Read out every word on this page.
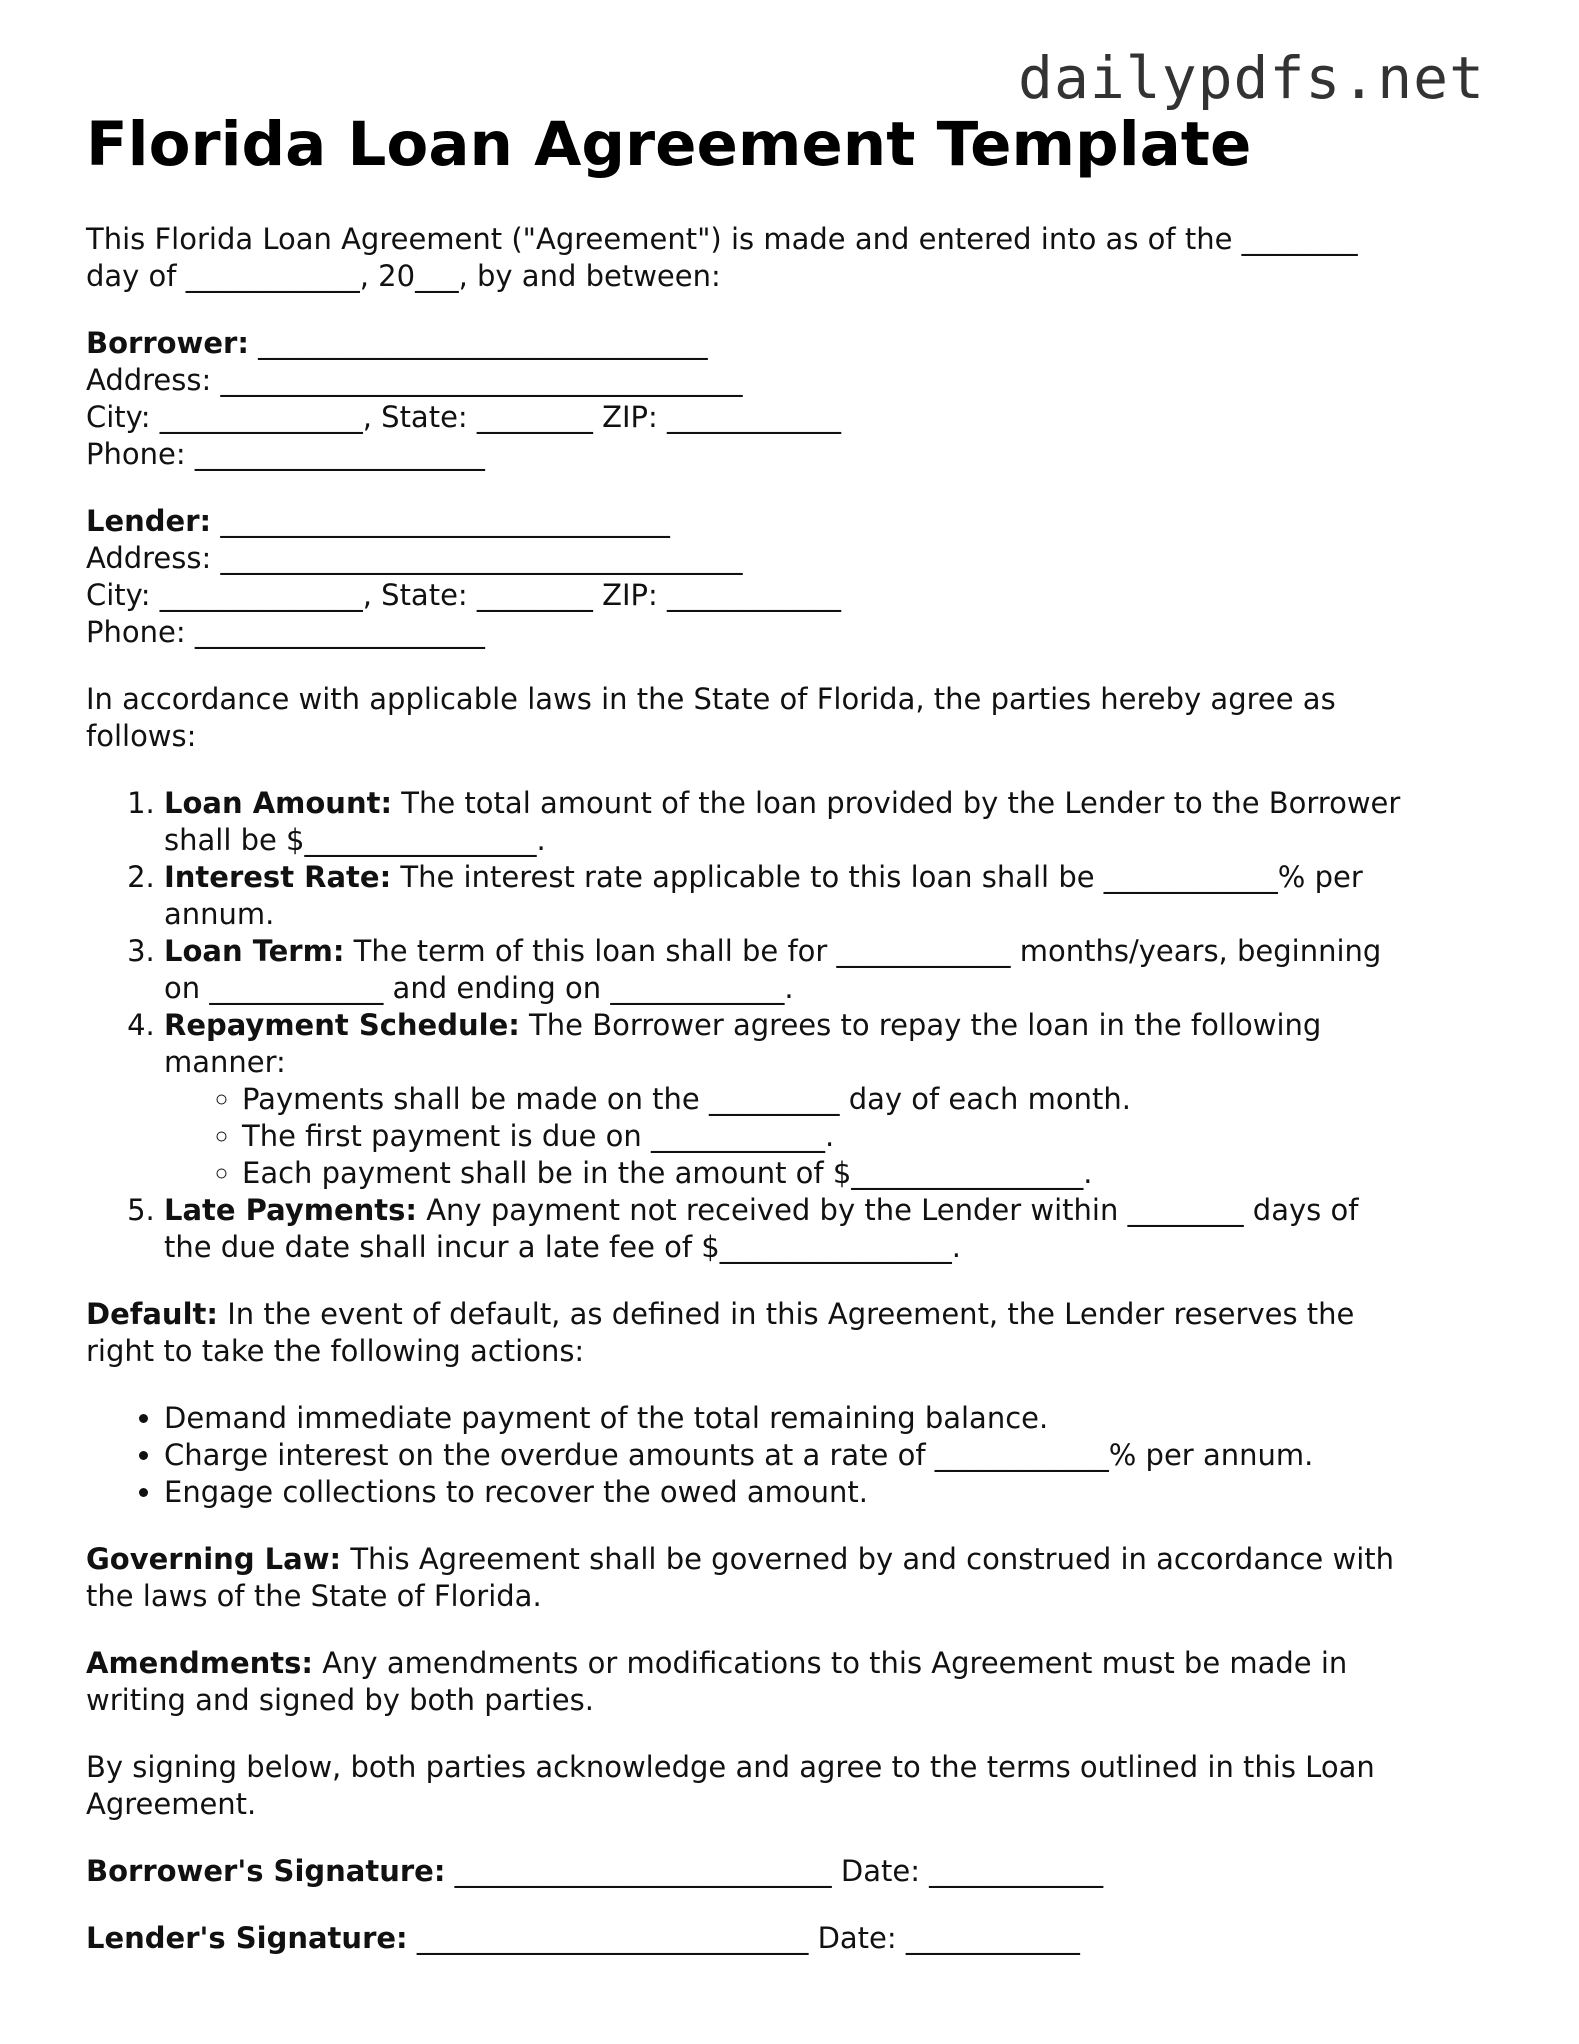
dailypdfs.net
Florida Loan Agreement Template

This Florida Loan Agreement ("Agreement") is made and entered into as of the ________
day of ____________, 20___, by and between:

Borrower: _______________________________
Address: ____________________________________
City: ______________, State: ________ ZIP: ____________
Phone: ____________________

Lender: _______________________________
Address: ____________________________________
City: ______________, State: ________ ZIP: ____________
Phone: ____________________

In accordance with applicable laws in the State of Florida, the parties hereby agree as
follows:

1. Loan Amount: The total amount of the loan provided by the Lender to the Borrower
shall be $________________.
2. Interest Rate: The interest rate applicable to this loan shall be ____________% per
annum.
3. Loan Term: The term of this loan shall be for ____________ months/years, beginning
on ____________ and ending on ____________.
4. Repayment Schedule: The Borrower agrees to repay the loan in the following
manner:
◦ Payments shall be made on the _________ day of each month.
◦ The first payment is due on ____________.
◦ Each payment shall be in the amount of $________________.
5. Late Payments: Any payment not received by the Lender within ________ days of
the due date shall incur a late fee of $________________.

Default: In the event of default, as defined in this Agreement, the Lender reserves the
right to take the following actions:

• Demand immediate payment of the total remaining balance.
• Charge interest on the overdue amounts at a rate of ____________% per annum.
• Engage collections to recover the owed amount.

Governing Law: This Agreement shall be governed by and construed in accordance with
the laws of the State of Florida.

Amendments: Any amendments or modifications to this Agreement must be made in
writing and signed by both parties.

By signing below, both parties acknowledge and agree to the terms outlined in this Loan
Agreement.

Borrower's Signature: __________________________ Date: ____________

Lender's Signature: ___________________________ Date: ____________
